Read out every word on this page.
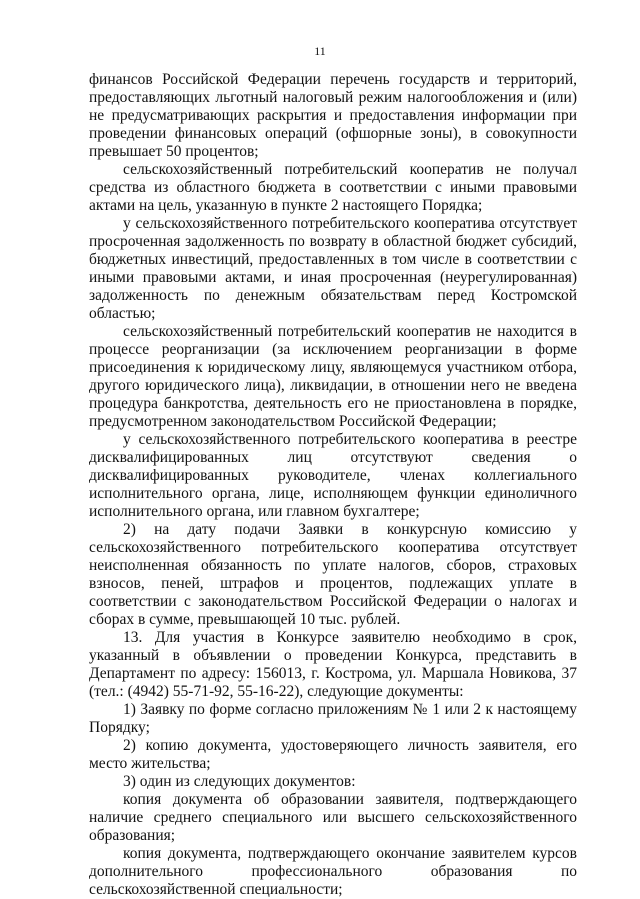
11

финансов Российской Федерации перечень государств и территорий, предоставляющих льготный налоговый режим налогообложения и (или) не предусматривающих раскрытия и предоставления информации при проведении финансовых операций (офшорные зоны), в совокупности превышает 50 процентов;

сельскохозяйственный потребительский кооператив не получал средства из областного бюджета в соответствии с иными правовыми актами на цель, указанную в пункте 2 настоящего Порядка;

у сельскохозяйственного потребительского кооператива отсутствует просроченная задолженность по возврату в областной бюджет субсидий, бюджетных инвестиций, предоставленных в том числе в соответствии с иными правовыми актами, и иная просроченная (неурегулированная) задолженность по денежным обязательствам перед Костромской областью;

сельскохозяйственный потребительский кооператив не находится в процессе реорганизации (за исключением реорганизации в форме присоединения к юридическому лицу, являющемуся участником отбора, другого юридического лица), ликвидации, в отношении него не введена процедура банкротства, деятельность его не приостановлена в порядке, предусмотренном законодательством Российской Федерации;

у сельскохозяйственного потребительского кооператива в реестре дисквалифицированных лиц отсутствуют сведения о дисквалифицированных руководителе, членах коллегиального исполнительного органа, лице, исполняющем функции единоличного исполнительного органа, или главном бухгалтере;

2) на дату подачи Заявки в конкурсную комиссию у сельскохозяйственного потребительского кооператива отсутствует неисполненная обязанность по уплате налогов, сборов, страховых взносов, пеней, штрафов и процентов, подлежащих уплате в соответствии с законодательством Российской Федерации о налогах и сборах в сумме, превышающей 10 тыс. рублей.

13. Для участия в Конкурсе заявителю необходимо в срок, указанный в объявлении о проведении Конкурса, представить в Департамент по адресу: 156013, г. Кострома, ул. Маршала Новикова, 37 (тел.: (4942) 55-71-92, 55-16-22), следующие документы:

1) Заявку по форме согласно приложениям № 1 или 2 к настоящему Порядку;

2) копию документа, удостоверяющего личность заявителя, его место жительства;

3) один из следующих документов:

копия документа об образовании заявителя, подтверждающего наличие среднего специального или высшего сельскохозяйственного образования;

копия документа, подтверждающего окончание заявителем курсов дополнительного профессионального образования по сельскохозяйственной специальности;
